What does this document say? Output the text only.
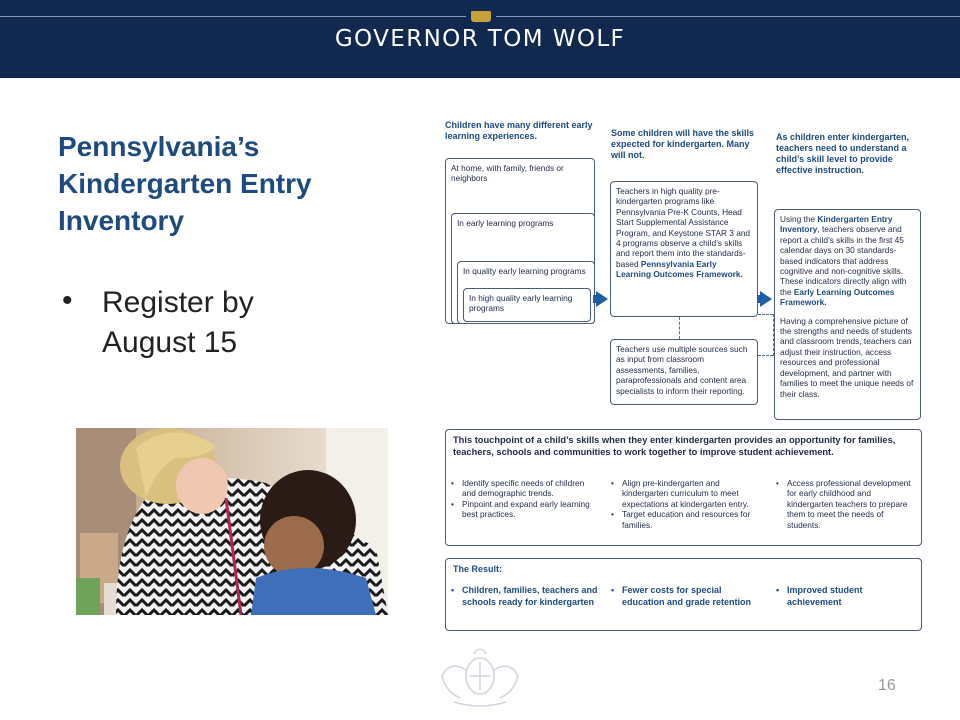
GOVERNOR TOM WOLF
Pennsylvania’s
Kindergarten Entry
Inventory
• Register by
August 15
Children have many different early learning experiences.
At home, with family, friends or neighbors
In early learning programs
In quality early learning programs
In high quality early learning programs
Some children will have the skills expected for kindergarten. Many will not.
Teachers in high quality pre-kindergarten programs like Pennsylvania Pre-K Counts, Head Start Supplemental Assistance Program, and Keystone STAR 3 and 4 programs observe a child’s skills and report them into the standards-based Pennsylvania Early Learning Outcomes Framework.
Teachers use multiple sources such as input from classroom assessments, families, paraprofessionals and content area specialists to inform their reporting.
As children enter kindergarten, teachers need to understand a child’s skill level to provide effective instruction.

Using the Kindergarten Entry Inventory, teachers observe and report a child’s skills in the first 45 calendar days on 30 standards-based indicators that address cognitive and non-cognitive skills. These indicators directly align with the Early Learning Outcomes Framework.

Having a comprehensive picture of the strengths and needs of students and classroom trends, teachers can adjust their instruction, access resources and professional development, and partner with families to meet the unique needs of their class.

This touchpoint of a child’s skills when they enter kindergarten provides an opportunity for families, teachers, schools and communities to work together to improve student achievement.
• Identify specific needs of children and demographic trends.
• Pinpoint and expand early learning best practices.
• Align pre-kindergarten and kindergarten curriculum to meet expectations at kindergarten entry.
• Target education and resources for families.
• Access professional development for early childhood and kindergarten teachers to prepare them to meet the needs of students.
The Result:
• Children, families, teachers and schools ready for kindergarten
• Fewer costs for special education and grade retention
• Improved student achievement
16
